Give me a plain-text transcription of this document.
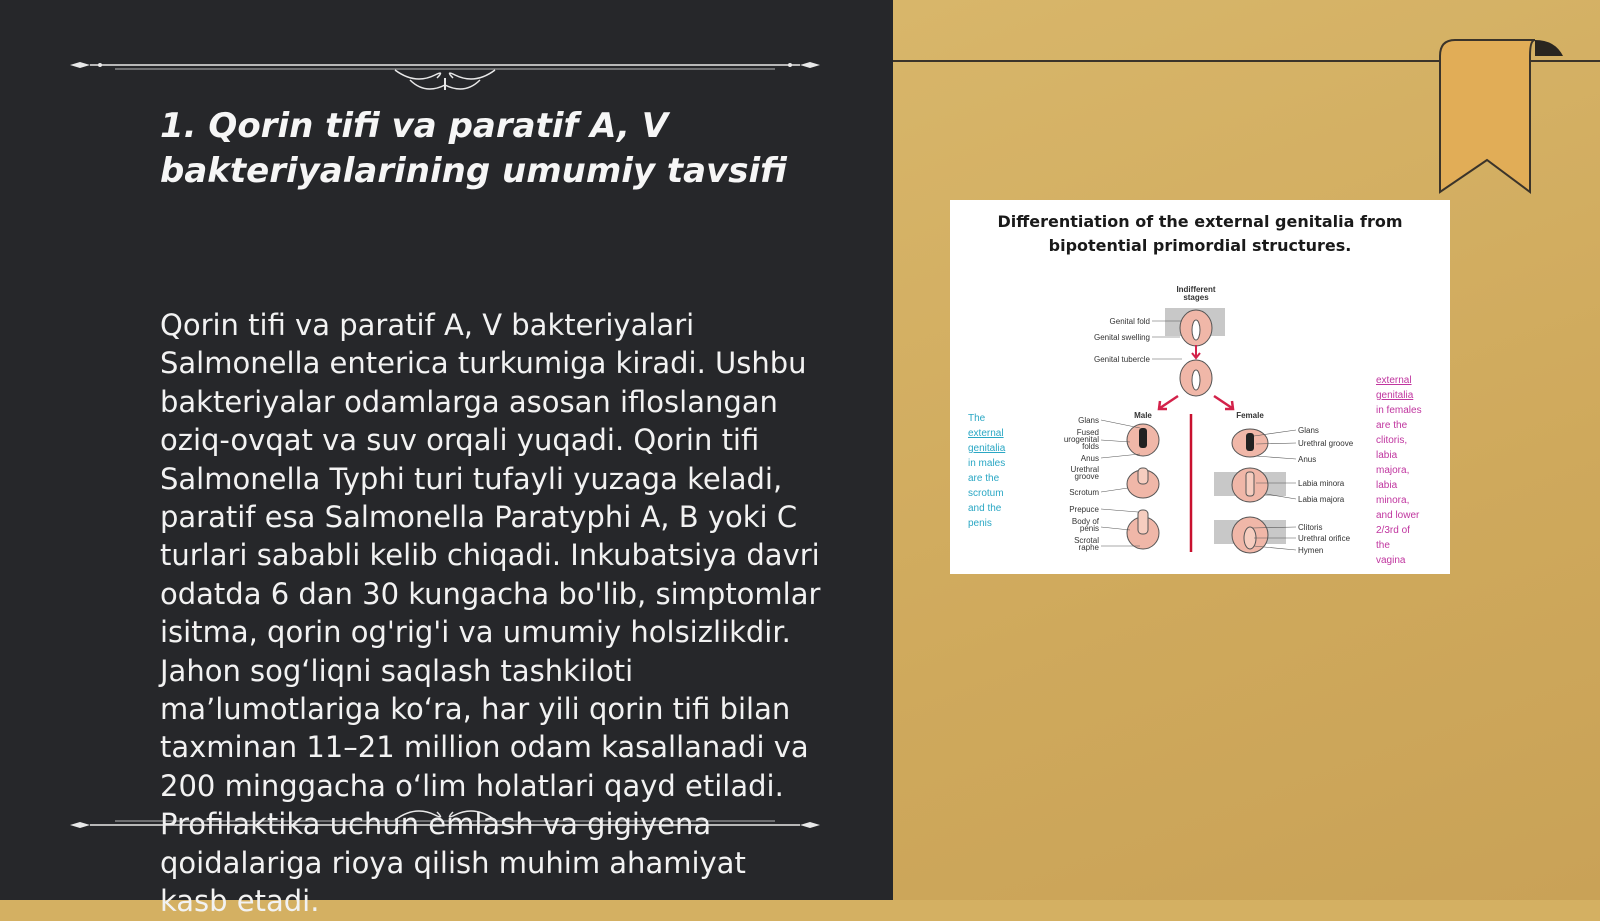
1. Qorin tifi va paratif A, V
bakteriyalarining umumiy tavsifi
Qorin tifi va paratif A, V bakteriyalari
Salmonella enterica turkumiga kiradi. Ushbu
bakteriyalar odamlarga asosan ifloslangan
oziq-ovqat va suv orqali yuqadi. Qorin tifi
Salmonella Typhi turi tufayli yuzaga keladi,
paratif esa Salmonella Paratyphi A, B yoki C
turlari sababli kelib chiqadi. Inkubatsiya davri
odatda 6 dan 30 kungacha bo'lib, simptomlar
isitma, qorin og'rig'i va umumiy holsizlikdir.
Jahon sog‘liqni saqlash tashkiloti
ma’lumotlariga ko‘ra, har yili qorin tifi bilan
taxminan 11–21 million odam kasallanadi va
200 minggacha o‘lim holatlari qayd etiladi.
Profilaktika uchun emlash va gigiyena
qoidalariga rioya qilish muhim ahamiyat
kasb etadi.
Differentiation of the external genitalia from
bipotential primordial structures.
Indifferent
stages
Genital fold
Genital swelling
Genital tubercle
Male
Glans
Fused
urogenital
folds
Anus
Urethral
groove
Scrotum
Prepuce
Body of
penis
Scrotal
raphe
Female
Glans
Urethral groove
Anus
Labia minora
Labia majora
Clitoris
Urethral orifice
Hymen
The
external
genitalia
in males
are the
scrotum
and the
penis
external
genitalia
in females
are the
clitoris,
labia
majora,
labia
minora,
and lower
2/3rd of
the
vagina
